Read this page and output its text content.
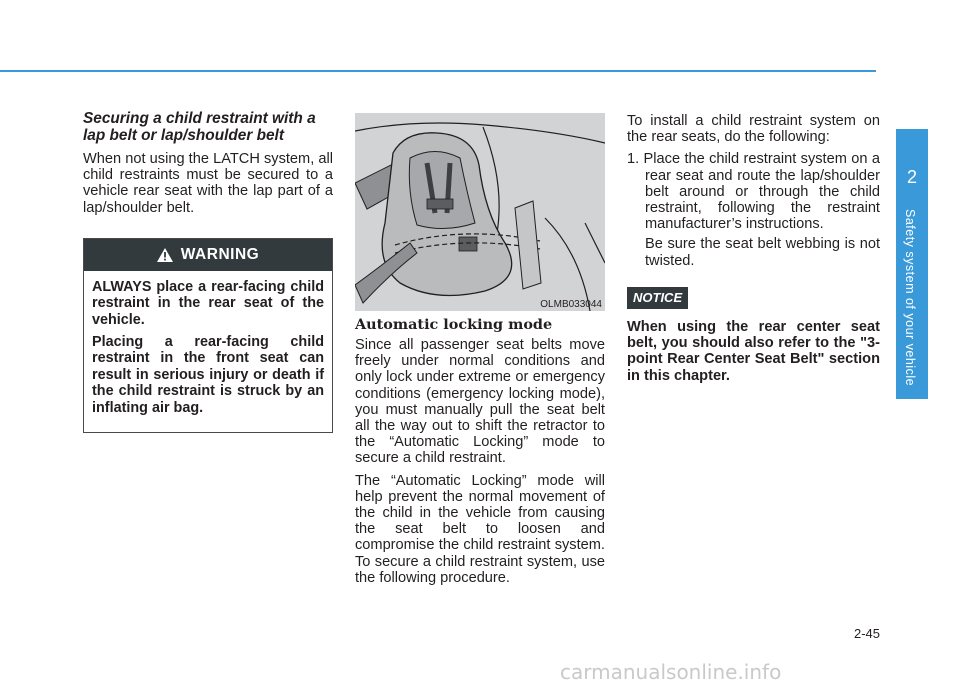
Securing a child restraint with a lap belt or lap/shoulder belt

When not using the LATCH system, all child restraints must be secured to a vehicle rear seat with the lap part of a lap/shoulder belt.

WARNING

ALWAYS place a rear-facing child restraint in the rear seat of the vehicle.

Placing a rear-facing child restraint in the front seat can result in serious injury or death if the child restraint is struck by an inflating air bag.

OLMB033044
Automatic locking mode

Since all passenger seat belts move freely under normal conditions and only lock under extreme or emergency conditions (emergency locking mode), you must manually pull the seat belt all the way out to shift the retractor to the “Automatic Locking” mode to secure a child restraint.

The “Automatic Locking” mode will help prevent the normal movement of the child in the vehicle from causing the seat belt to loosen and compromise the child restraint system. To secure a child restraint system, use the following procedure.

To install a child restraint system on the rear seats, do the following:

1. Place the child restraint system on a rear seat and route the lap/shoulder belt around or through the child restraint, following the restraint manufacturer’s instructions.

Be sure the seat belt webbing is not twisted.

NOTICE

When using the rear center seat belt, you should also refer to the "3-point Rear Center Seat Belt" section in this chapter.

2
Safety system of your vehicle
2-45
carmanualsonline.info
